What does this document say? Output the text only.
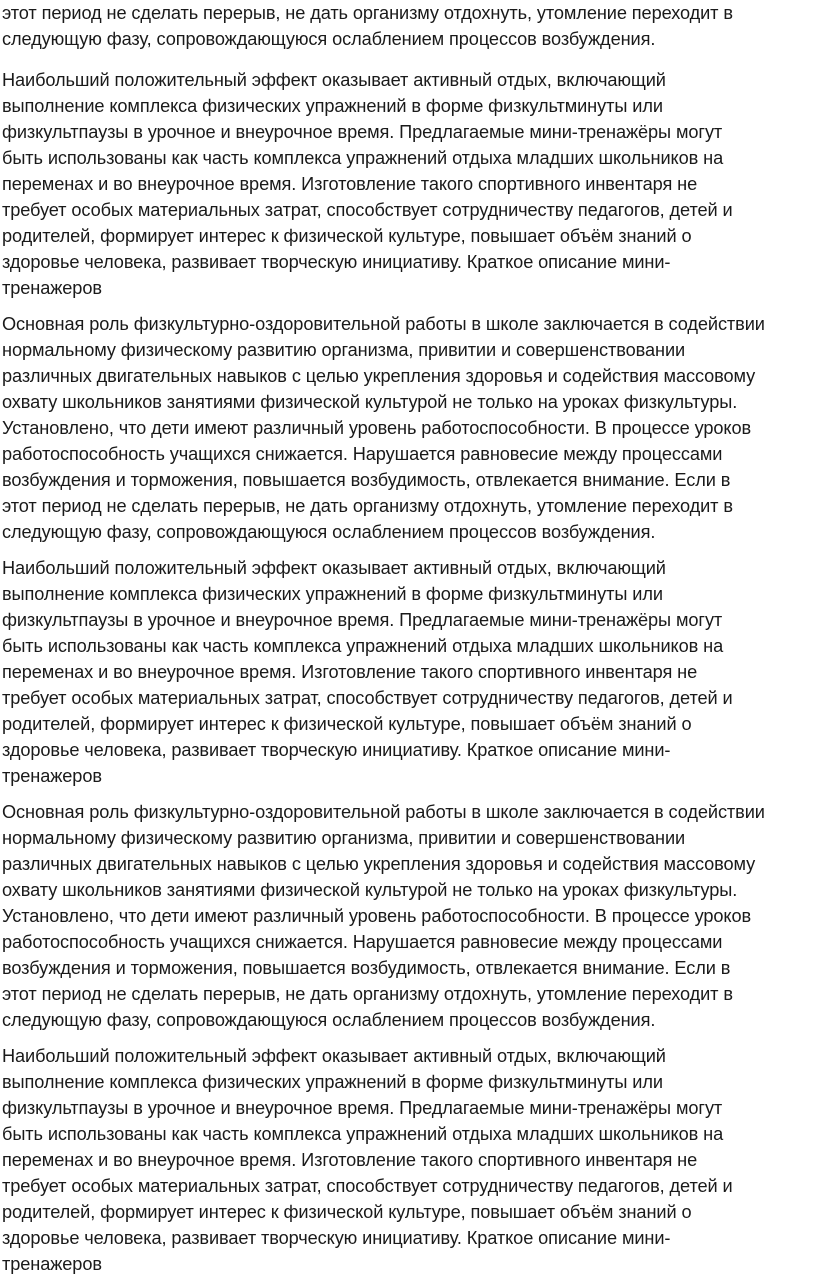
этот период не сделать перерыв, не дать организму отдохнуть, утомление переходит в
следующую фазу, сопровождающуюся ослаблением процессов возбуждения.
Наибольший положительный эффект оказывает активный отдых, включающий
выполнение комплекса физических упражнений в форме физкультминуты или
физкультпаузы в урочное и внеурочное время. Предлагаемые мини-тренажёры могут
быть использованы как часть комплекса упражнений отдыха младших школьников на
переменах и во внеурочное время. Изготовление такого спортивного инвентаря не
требует особых материальных затрат, способствует сотрудничеству педагогов, детей и
родителей, формирует интерес к физической культуре, повышает объём знаний о
здоровье человека, развивает творческую инициативу. Краткое описание мини-
тренажеров
Основная роль физкультурно-оздоровительной работы в школе заключается в содействии
нормальному физическому развитию организма, привитии и совершенствовании
различных двигательных навыков с целью укрепления здоровья и содействия массовому
охвату школьников занятиями физической культурой не только на уроках физкультуры.
Установлено, что дети имеют различный уровень работоспособности. В процессе уроков
работоспособность учащихся снижается. Нарушается равновесие между процессами
возбуждения и торможения, повышается возбудимость, отвлекается внимание. Если в
этот период не сделать перерыв, не дать организму отдохнуть, утомление переходит в
следующую фазу, сопровождающуюся ослаблением процессов возбуждения.
Наибольший положительный эффект оказывает активный отдых, включающий
выполнение комплекса физических упражнений в форме физкультминуты или
физкультпаузы в урочное и внеурочное время. Предлагаемые мини-тренажёры могут
быть использованы как часть комплекса упражнений отдыха младших школьников на
переменах и во внеурочное время. Изготовление такого спортивного инвентаря не
требует особых материальных затрат, способствует сотрудничеству педагогов, детей и
родителей, формирует интерес к физической культуре, повышает объём знаний о
здоровье человека, развивает творческую инициативу. Краткое описание мини-
тренажеров
Основная роль физкультурно-оздоровительной работы в школе заключается в содействии
нормальному физическому развитию организма, привитии и совершенствовании
различных двигательных навыков с целью укрепления здоровья и содействия массовому
охвату школьников занятиями физической культурой не только на уроках физкультуры.
Установлено, что дети имеют различный уровень работоспособности. В процессе уроков
работоспособность учащихся снижается. Нарушается равновесие между процессами
возбуждения и торможения, повышается возбудимость, отвлекается внимание. Если в
этот период не сделать перерыв, не дать организму отдохнуть, утомление переходит в
следующую фазу, сопровождающуюся ослаблением процессов возбуждения.
Наибольший положительный эффект оказывает активный отдых, включающий
выполнение комплекса физических упражнений в форме физкультминуты или
физкультпаузы в урочное и внеурочное время. Предлагаемые мини-тренажёры могут
быть использованы как часть комплекса упражнений отдыха младших школьников на
переменах и во внеурочное время. Изготовление такого спортивного инвентаря не
требует особых материальных затрат, способствует сотрудничеству педагогов, детей и
родителей, формирует интерес к физической культуре, повышает объём знаний о
здоровье человека, развивает творческую инициативу. Краткое описание мини-
тренажеров
